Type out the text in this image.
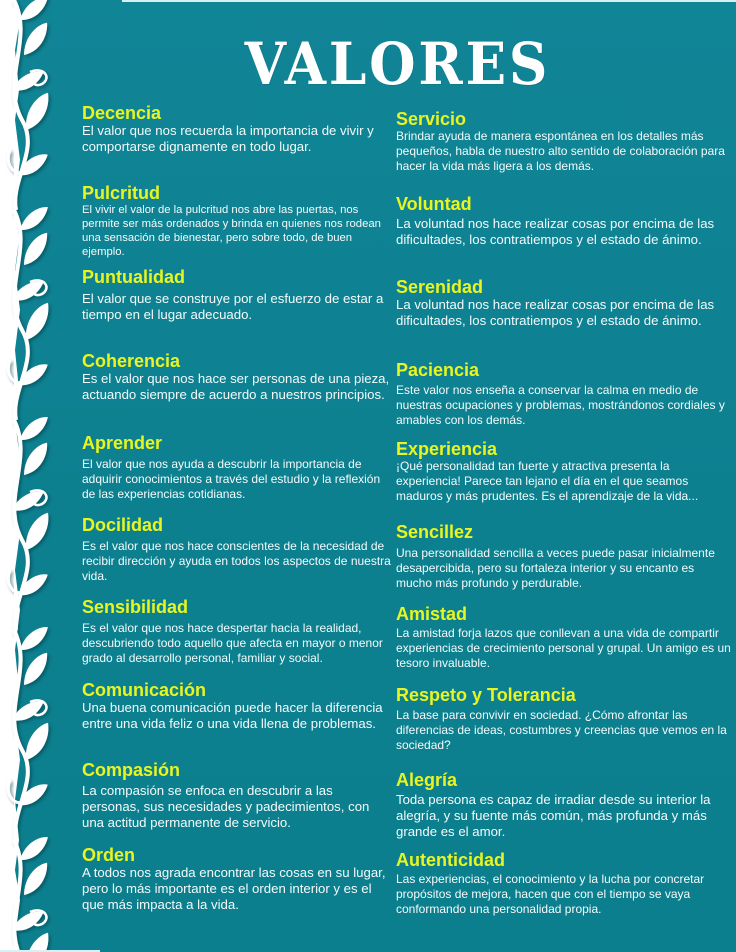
VALORES
Decencia

El valor que nos recuerda la importancia de vivir y comportarse dignamente en todo lugar.

Pulcritud

El vivir el valor de la pulcritud nos abre las puertas, nos permite ser más ordenados y brinda en quienes nos rodean una sensación de bienestar, pero sobre todo, de buen ejemplo.

Puntualidad

El valor que se construye por el esfuerzo de estar a tiempo en el lugar adecuado.

Coherencia

Es el valor que nos hace ser personas de una pieza, actuando siempre de acuerdo a nuestros principios.

Aprender

El valor que nos ayuda a descubrir la importancia de adquirir conocimientos a través del estudio y la reflexión de las experiencias cotidianas.

Docilidad

Es el valor que nos hace conscientes de la necesidad de recibir dirección y ayuda en todos los aspectos de nuestra vida.

Sensibilidad

Es el valor que nos hace despertar hacia la realidad, descubriendo todo aquello que afecta en mayor o menor grado al desarrollo personal, familiar y social.

Comunicación

Una buena comunicación puede hacer la diferencia entre una vida feliz o una vida llena de problemas.

Compasión

La compasión se enfoca en descubrir a las personas, sus necesidades y padecimientos, con una actitud permanente de servicio.

Orden

A todos nos agrada encontrar las cosas en su lugar, pero lo más importante es el orden interior y es el que más impacta a la vida.

Servicio

Brindar ayuda de manera espontánea en los detalles más pequeños, habla de nuestro alto sentido de colaboración para hacer la vida más ligera a los demás.

Voluntad

La voluntad nos hace realizar cosas por encima de las dificultades, los contratiempos y el estado de ánimo.

Serenidad

La voluntad nos hace realizar cosas por encima de las dificultades, los contratiempos y el estado de ánimo.

Paciencia

Este valor nos enseña a conservar la calma en medio de nuestras ocupaciones y problemas, mostrándonos cordiales y amables con los demás.

Experiencia

¡Qué personalidad tan fuerte y atractiva presenta la experiencia! Parece tan lejano el día en el que seamos maduros y más prudentes. Es el aprendizaje de la vida...

Sencillez

Una personalidad sencilla a veces puede pasar inicialmente desapercibida, pero su fortaleza interior y su encanto es mucho más profundo y perdurable.

Amistad

La amistad forja lazos que conllevan a una vida de compartir experiencias de crecimiento personal y grupal. Un amigo es un tesoro invaluable.

Respeto y Tolerancia

La base para convivir en sociedad. ¿Cómo afrontar las diferencias de ideas, costumbres y creencias que vemos en la sociedad?

Alegría

Toda persona es capaz de irradiar desde su interior la alegría, y su fuente más común, más profunda y más grande es el amor.

Autenticidad

Las experiencias, el conocimiento y la lucha por concretar propósitos de mejora, hacen que con el tiempo se vaya conformando una personalidad propia.
